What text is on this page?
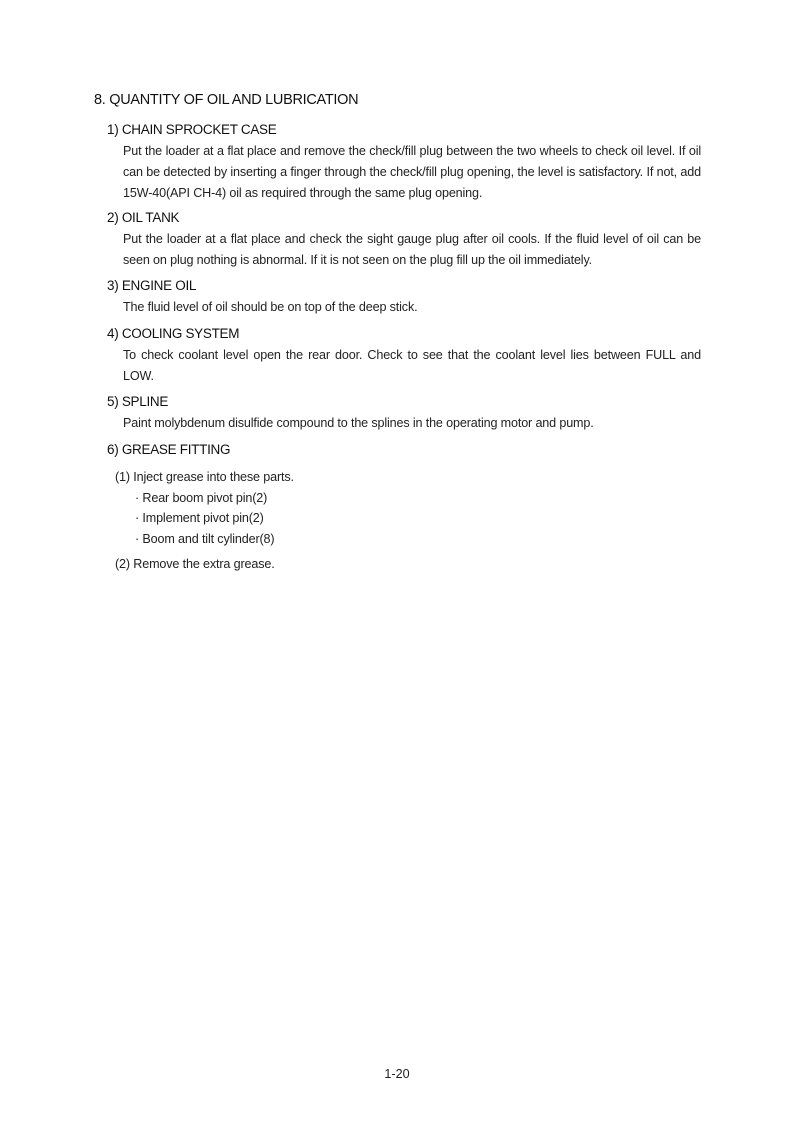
8. QUANTITY OF OIL AND LUBRICATION
1) CHAIN SPROCKET CASE
Put the loader at a flat place and remove the check/fill plug between the two wheels to check oil level. If oil can be detected by inserting a finger through the check/fill plug opening, the level is satisfactory. If not, add 15W-40(API CH-4) oil as required through the same plug opening.
2) OIL TANK
Put the loader at a flat place and check the sight gauge plug after oil cools. If the fluid level of oil can be seen on plug nothing is abnormal. If it is not seen on the plug fill up the oil immediately.
3) ENGINE OIL
The fluid level of oil should be on top of the deep stick.
4) COOLING SYSTEM
To check coolant level open the rear door. Check to see that the coolant level lies between FULL and LOW.
5) SPLINE
Paint molybdenum disulfide compound to the splines in the operating motor and pump.
6) GREASE FITTING
(1) Inject grease into these parts.
· Rear boom pivot pin(2)
· Implement pivot pin(2)
· Boom and tilt cylinder(8)
(2) Remove the extra grease.
1-20
